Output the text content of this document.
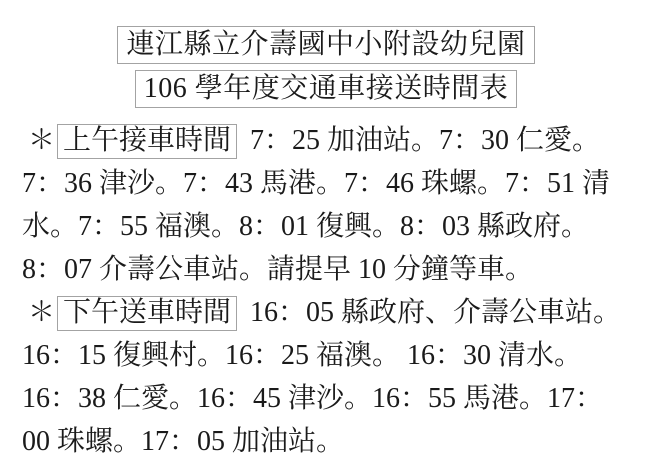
連江縣立介壽國中小附設幼兒園
106 學年度交通車接送時間表

＊ 上午接車時間 7：25 加油站。7：30 仁愛。7：36 津沙。7：43 馬港。7：46 珠螺。7：51 清水。7：55 福澳。8：01 復興。8：03 縣政府。8：07 介壽公車站。請提早 10 分鐘等車。

＊ 下午送車時間 16：05 縣政府、介壽公車站。16：15 復興村。16：25 福澳。 16：30 清水。16：38 仁愛。16：45 津沙。16：55 馬港。17：00 珠螺。17：05 加油站。
